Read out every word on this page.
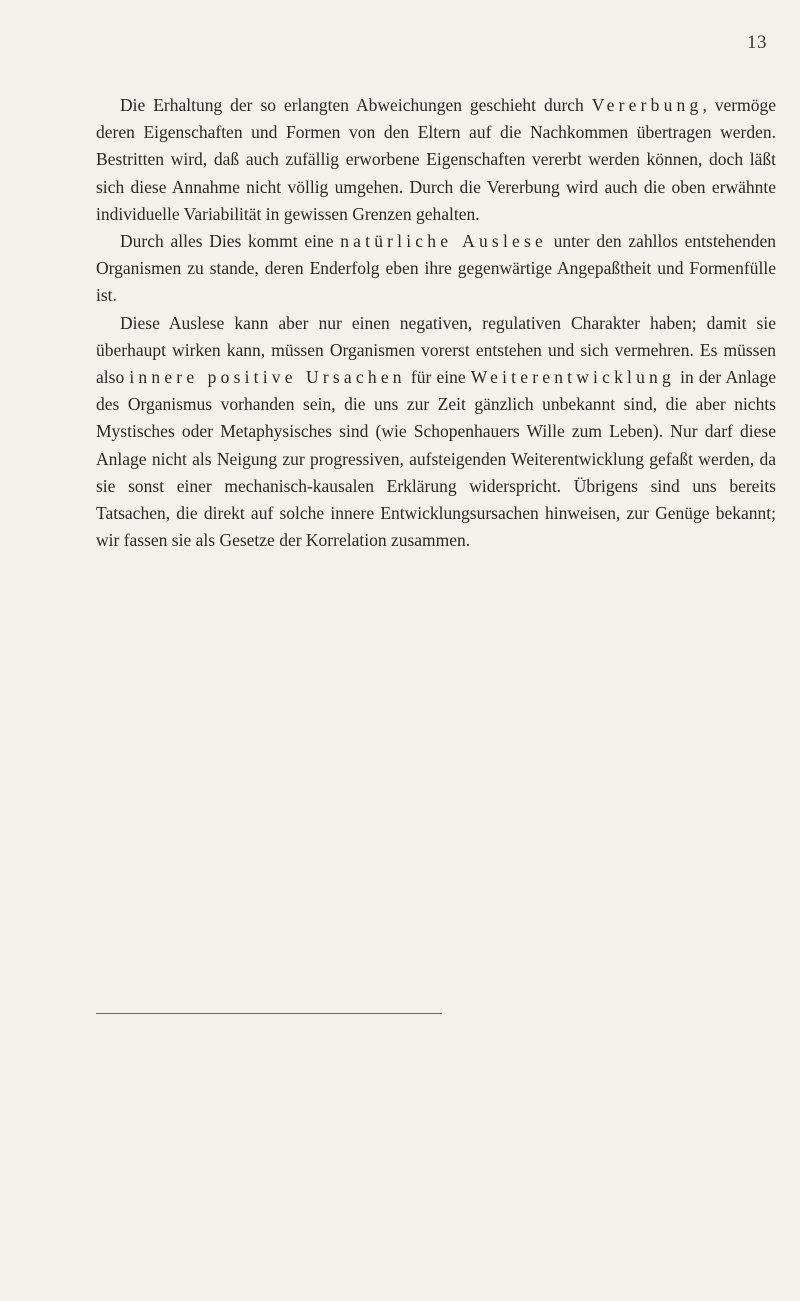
13

Die Erhaltung der so erlangten Abweichungen geschieht durch Vererbung, vermöge deren Eigenschaften und Formen von den Eltern auf die Nachkommen übertragen werden. Bestritten wird, daß auch zufällig erworbene Eigenschaften vererbt werden können, doch läßt sich diese Annahme nicht völlig umgehen. Durch die Vererbung wird auch die oben erwähnte individuelle Variabilität in gewissen Grenzen gehalten.

Durch alles Dies kommt eine natürliche Auslese unter den zahllos entstehenden Organismen zu stande, deren Enderfolg eben ihre gegenwärtige Angepaßtheit und Formenfülle ist.

Diese Auslese kann aber nur einen negativen, regulativen Charakter haben; damit sie überhaupt wirken kann, müssen Organismen vorerst entstehen und sich vermehren. Es müssen also innere positive Ursachen für eine Weiterentwicklung in der Anlage des Organismus vorhanden sein, die uns zur Zeit gänzlich unbekannt sind, die aber nichts Mystisches oder Metaphysisches sind (wie Schopenhauers Wille zum Leben). Nur darf diese Anlage nicht als Neigung zur progressiven, aufsteigenden Weiterentwicklung gefaßt werden, da sie sonst einer mechanisch-kausalen Erklärung widerspricht. Übrigens sind uns bereits Tatsachen, die direkt auf solche innere Entwicklungsursachen hinweisen, zur Genüge bekannt; wir fassen sie als Gesetze der Korrelation zusammen.
